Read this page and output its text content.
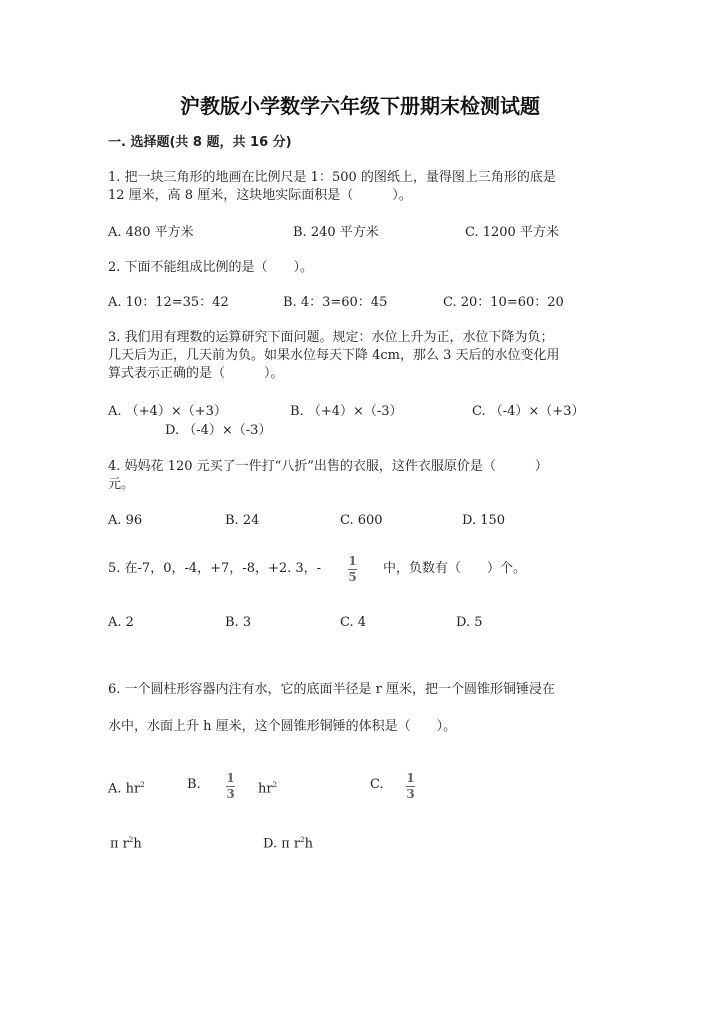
沪教版小学数学六年级下册期末检测试题
一. 选择题(共 8 题，共 16 分)
1. 把一块三角形的地画在比例尺是 1：500 的图纸上，量得图上三角形的底是
12 厘米，高 8 厘米，这块地实际面积是（　　　）。
A. 480 平方米	B. 240 平方米	C. 1200 平方米
2. 下面不能组成比例的是（　　）。
A. 10：12=35：42	B. 4：3=60：45	C. 20：10=60：20
3. 我们用有理数的运算研究下面问题。规定：水位上升为正，水位下降为负；
几天后为正，几天前为负。如果水位每天下降 4cm，那么 3 天后的水位变化用
算式表示正确的是（　　　）。
A. （+4）×（+3）	B. （+4）×（-3）	C. （-4）×（+3）
D. （-4）×（-3）
4. 妈妈花 120 元买了一件打“八折”出售的衣服，这件衣服原价是（　　　）
元。
A. 96	B. 24	C. 600	D. 150
5. 在-7，0，-4，+7，-8，+2. 3，- 1
5
中，负数有（　　）个。
A. 2	B. 3	C. 4	D. 5
6. 一个圆柱形容器内注有水，它的底面半径是 r 厘米，把一个圆锥形铜锤浸在
水中，水面上升 h 厘米，这个圆锥形铜锤的体积是（　　）。
A. $hr^2$	B. 1
3 $hr^2$	C. 1
3
π $r^2h$	D. π $r^2h$
